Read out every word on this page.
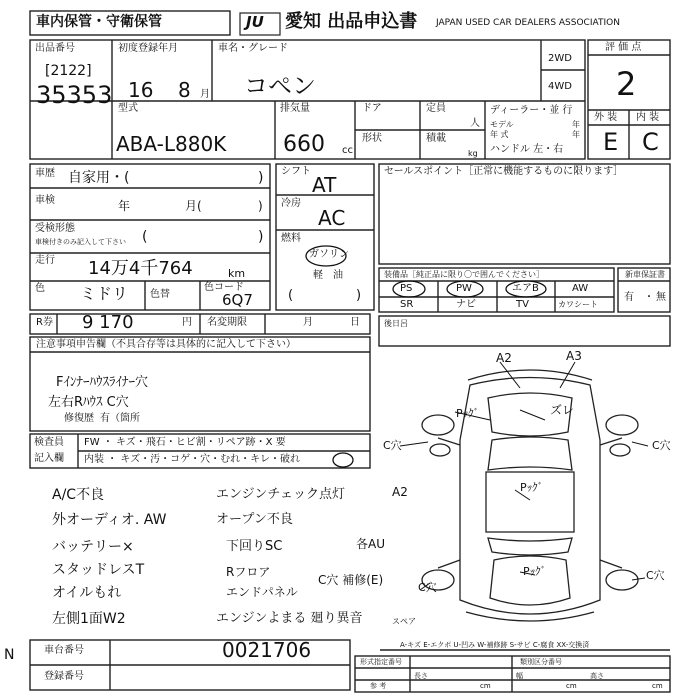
車内保管・守衛保管	JU 愛知 出品申込書 JAPAN USED CAR DEALERS ASSOCIATION
出品番号
[2122]
35353
初度登録年月
16 8 月
車名・グレード
コペン
2WD
4WD
評 価 点
2
外 装 内 装
E C
型式
ABA-L880K
排気量
660 cc
ドア
形状
定員
人
積載
kg
ディーラー・並 行
モデル	年
年 式	年
ハンドル 左・右
車歴 自家用・(	)
車検	年	月(	)
受検形態
車検付きのみ記入して下さい (	)
走行 14万4千764	km
色 ミドリ 色替
色コード
6Q7
シフト
AT
冷房
AC
燃料
ガソリン
軽　油
(	)
セールスポイント［正常に機能するものに限ります］
装備品［純正品に限り〇で囲んでください］
PS	PW	エアB	AW
SR	ナビ	TV	カワシート
新車保証書
有 ・ 無
R券 9 170	円 名変期限	月	日	後日呂
注意事項申告欄（不具合存等は具体的に記入して下さい）
Fｲﾝﾅｰﾊｳｽﾗｲﾅｰ穴
左右Rﾊｳｽ C穴
修復歴 有（箇所
検査員
記入欄
FW ・ キズ・飛石・ヒビ割・リペア跡・X 要
内装 ・ キズ・汚・コゲ・穴・むれ・キレ・破れ
A/C不良
外オーディオ. AW
バッテリー×
スタッドレスT
オイルもれ
左側1面W2
エンジンチェック点灯
オープン不良
下回りSC
Rフロア
エンドパネル
エンジンよまる 廻り異音
A2
各AU
C穴 補修(E)
スペア
A2	A3
Pｯｸﾞ	ズレ
C穴	C穴
Pｯｸﾞ
Pｯｸﾞ
C穴
C穴
車台番号	0021706
登録番号
A-キズ E-エクボ U-凹み W-補修跡 S-サビ C-腐食 XX-交換済
形式指定番号	類別区分番号
参 考
長さ
cm
幅
cm
高さ
cm
N
